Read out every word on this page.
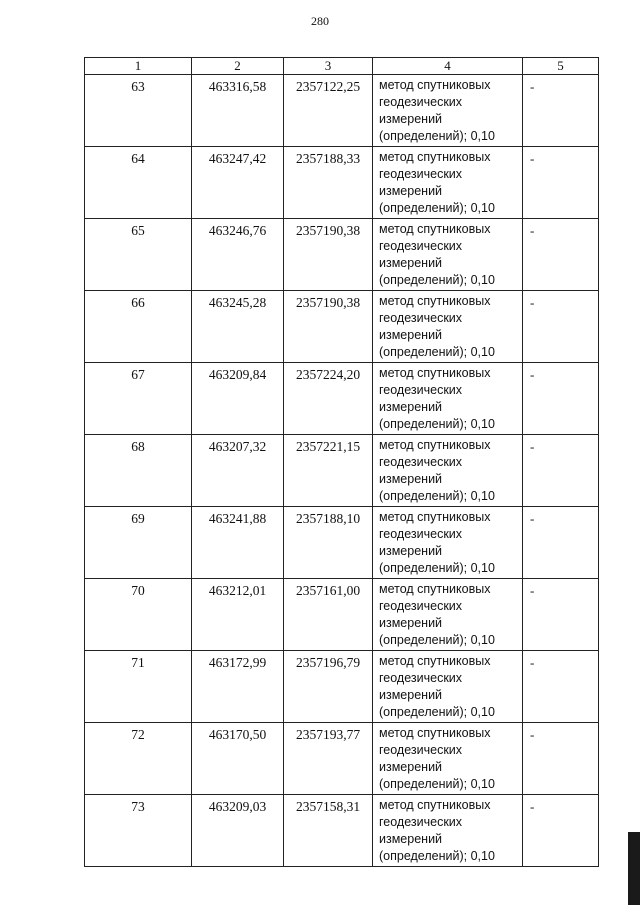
280
1	2	3	4	5
63	463316,58	2357122,25	метод спутниковых
геодезических
измерений
(определений); 0,10	-
64	463247,42	2357188,33	метод спутниковых
геодезических
измерений
(определений); 0,10	-
65	463246,76	2357190,38	метод спутниковых
геодезических
измерений
(определений); 0,10	-
66	463245,28	2357190,38	метод спутниковых
геодезических
измерений
(определений); 0,10	-
67	463209,84	2357224,20	метод спутниковых
геодезических
измерений
(определений); 0,10	-
68	463207,32	2357221,15	метод спутниковых
геодезических
измерений
(определений); 0,10	-
69	463241,88	2357188,10	метод спутниковых
геодезических
измерений
(определений); 0,10	-
70	463212,01	2357161,00	метод спутниковых
геодезических
измерений
(определений); 0,10	-
71	463172,99	2357196,79	метод спутниковых
геодезических
измерений
(определений); 0,10	-
72	463170,50	2357193,77	метод спутниковых
геодезических
измерений
(определений); 0,10	-
73	463209,03	2357158,31	метод спутниковых
геодезических
измерений
(определений); 0,10	-
